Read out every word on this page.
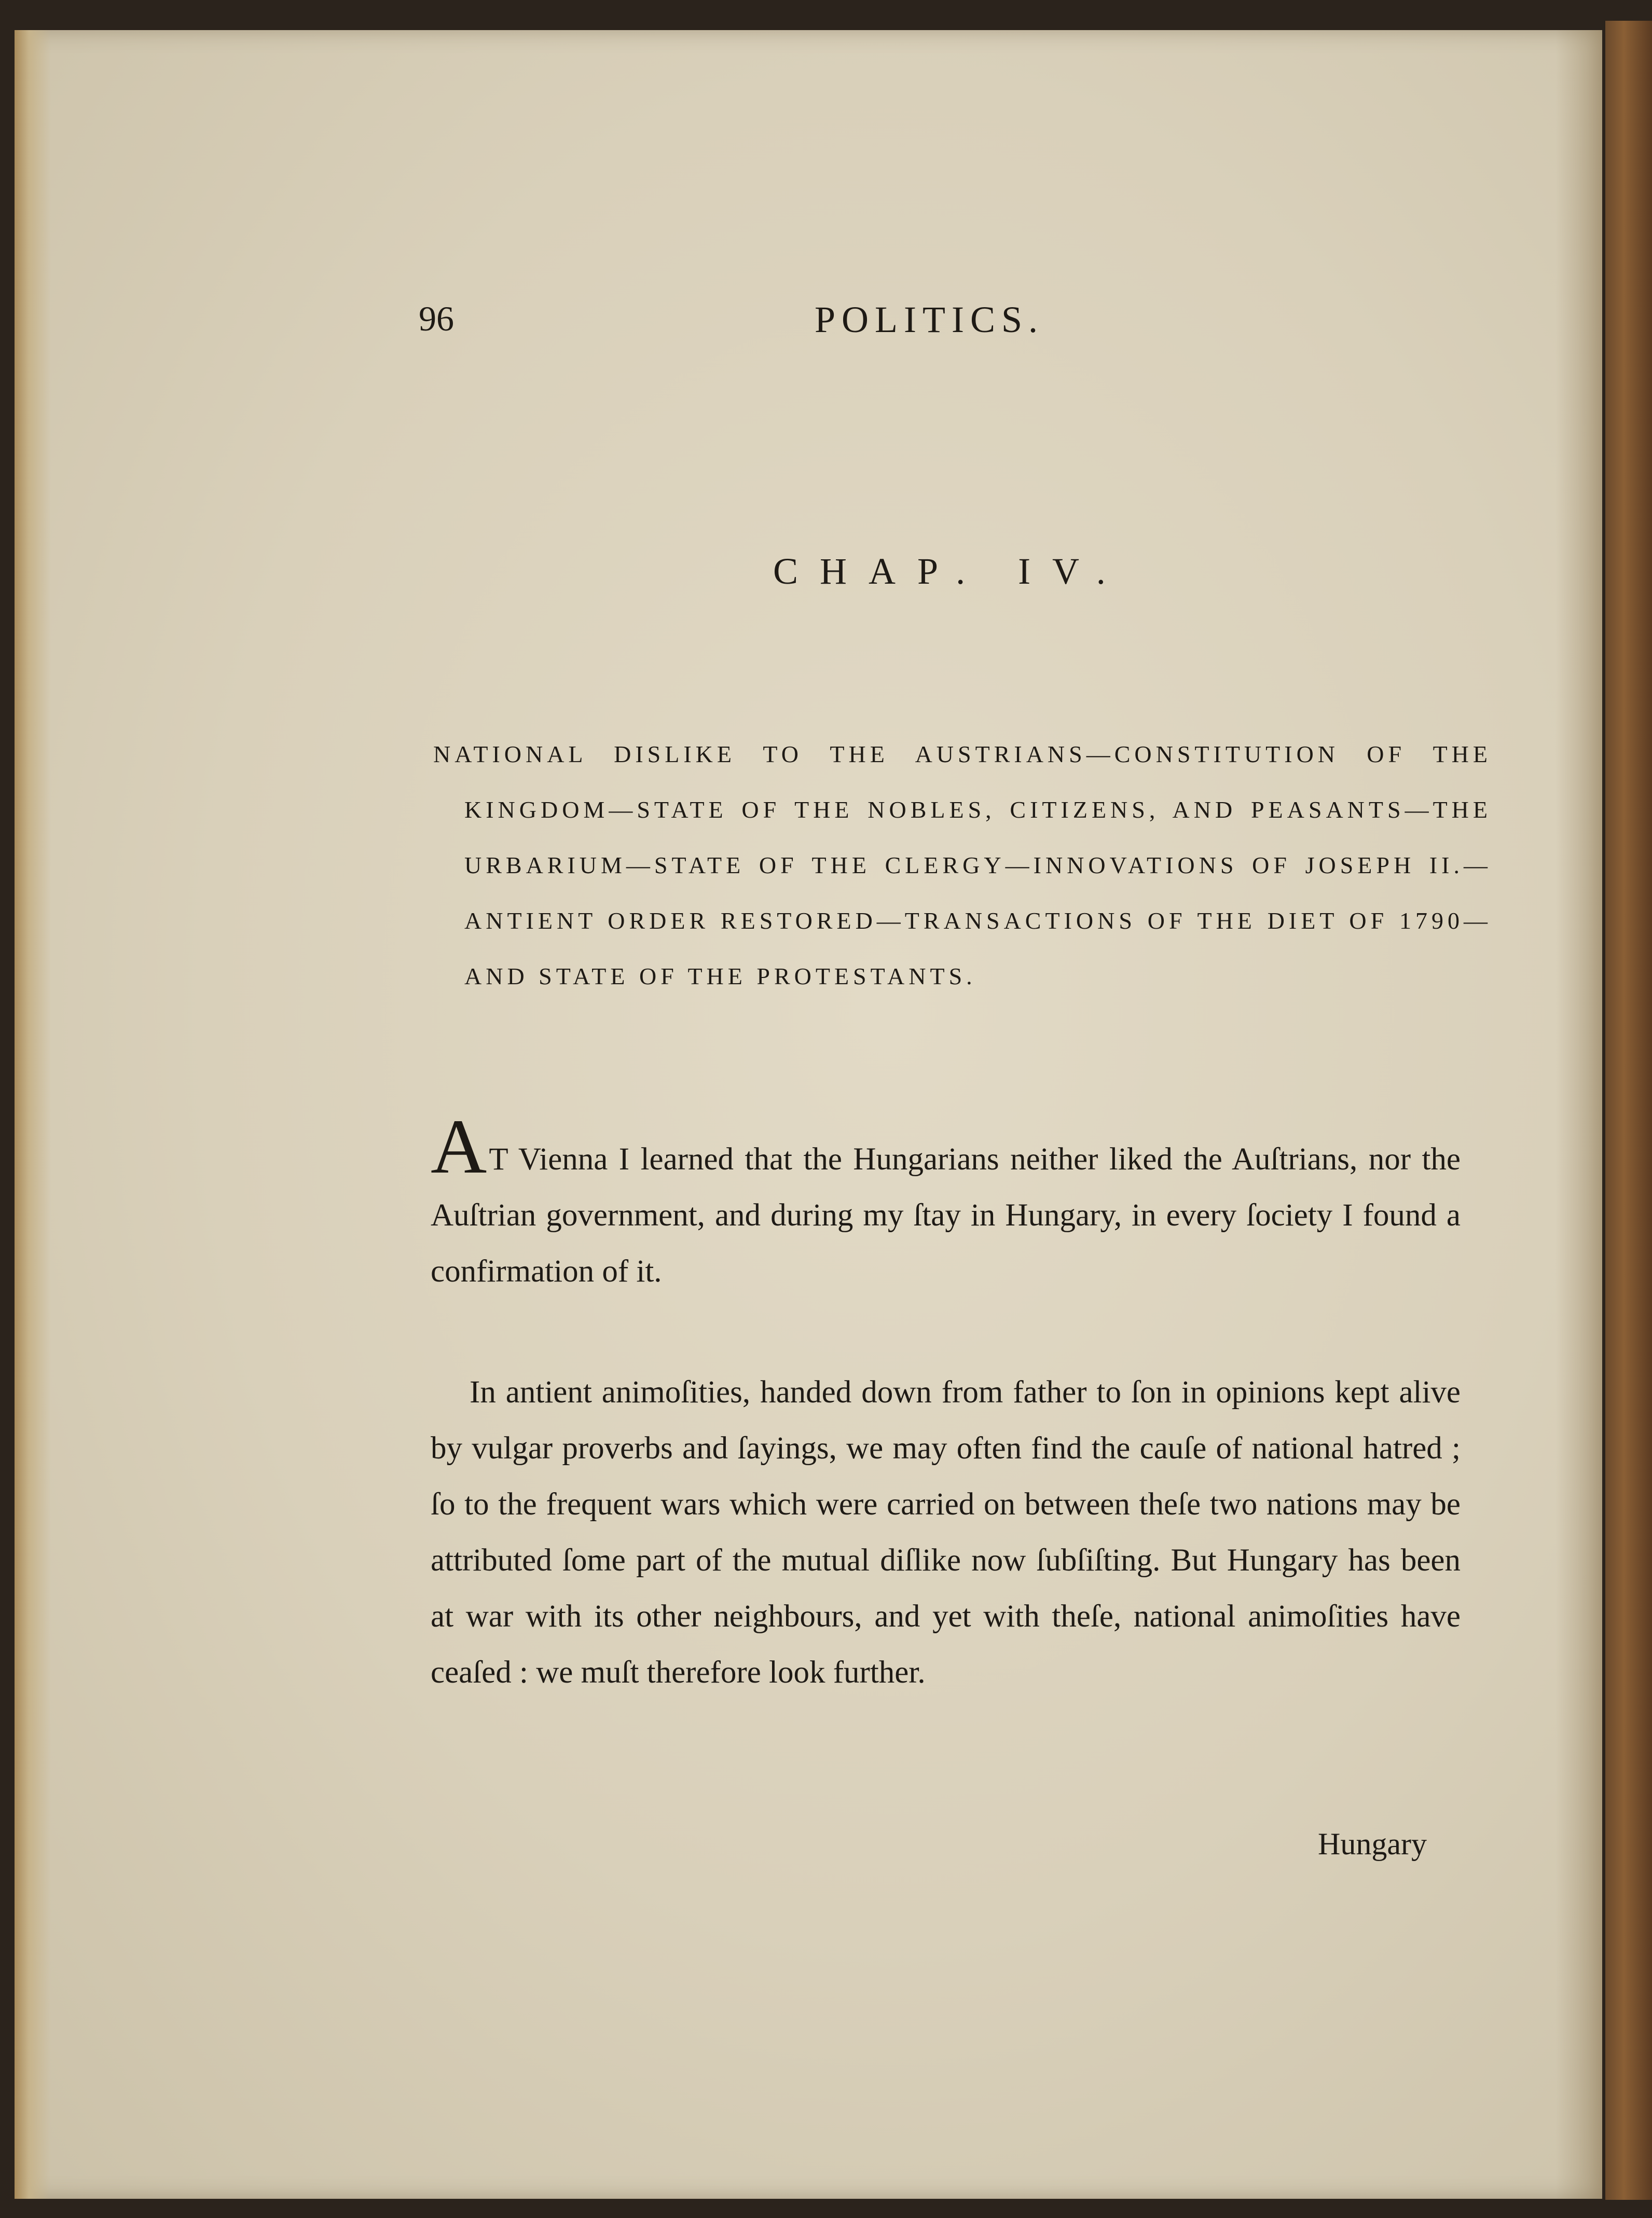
96	POLITICS.
CHAP. IV.

NATIONAL DISLIKE TO THE AUSTRIANS—CONSTITUTION OF THE KINGDOM—STATE OF THE NOBLES, CITIZENS, AND PEASANTS—THE URBARIUM—STATE OF THE CLERGY—INNOVATIONS OF JOSEPH II.—ANTIENT ORDER RESTORED—TRANSACTIONS OF THE DIET OF 1790—AND STATE OF THE PROTESTANTS.

AT Vienna I learned that the Hungarians neither liked the Auſtrians, nor the Auſtrian government, and during my ſtay in Hungary, in every ſociety I found a confirmation of it.

In antient animoſities, handed down from father to ſon in opinions kept alive by vulgar proverbs and ſayings, we may often find the cauſe of national hatred ; ſo to the frequent wars which were carried on between theſe two nations may be attributed ſome part of the mutual diſlike now ſubſiſting. But Hungary has been at war with its other neighbours, and yet with theſe, national animoſities have ceaſed : we muſt therefore look further.

Hungary
